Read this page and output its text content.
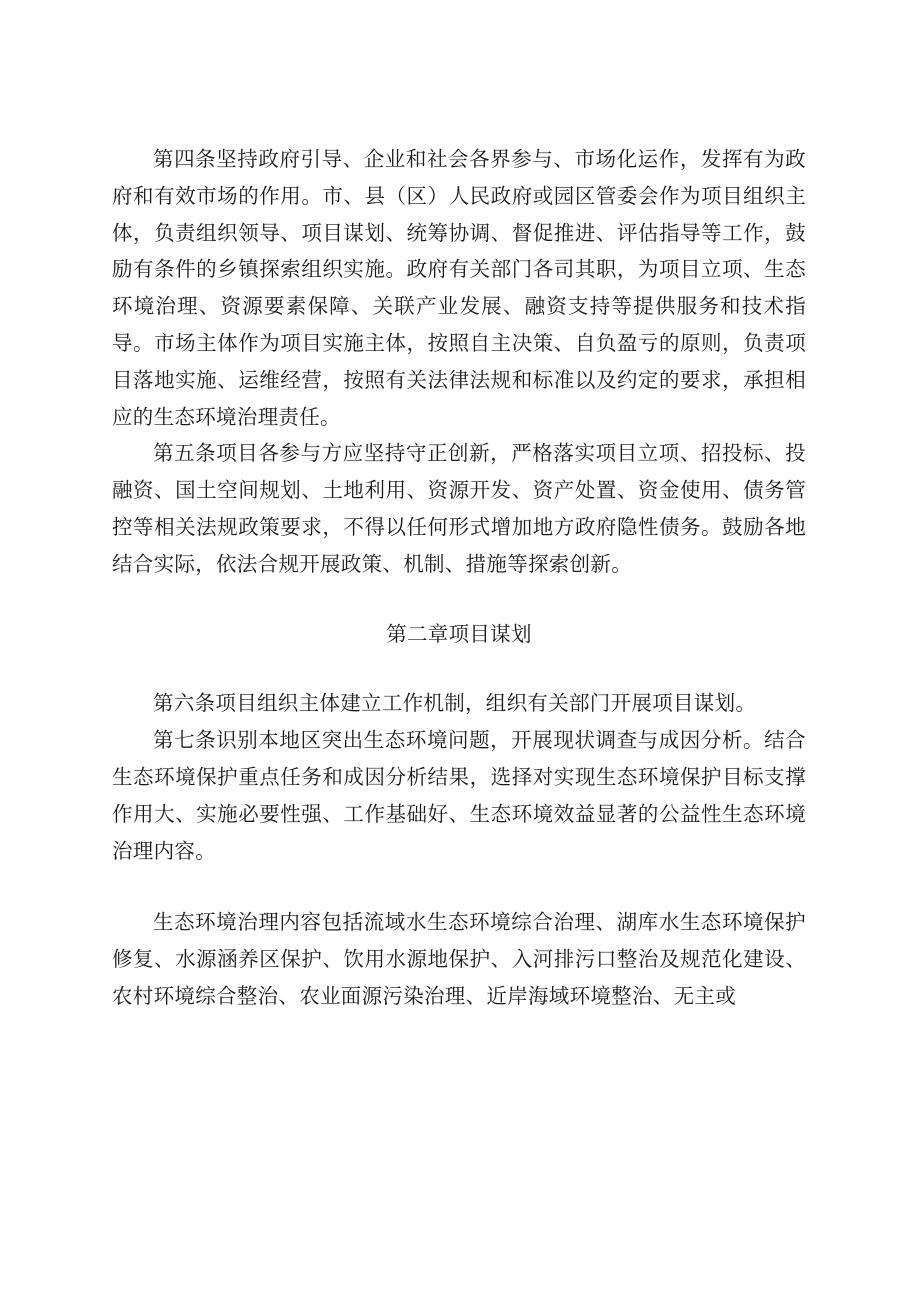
第四条坚持政府引导、企业和社会各界参与、市场化运作，发挥有为政府和有效市场的作用。市、县（区）人民政府或园区管委会作为项目组织主体，负责组织领导、项目谋划、统筹协调、督促推进、评估指导等工作，鼓励有条件的乡镇探索组织实施。政府有关部门各司其职，为项目立项、生态环境治理、资源要素保障、关联产业发展、融资支持等提供服务和技术指导。市场主体作为项目实施主体，按照自主决策、自负盈亏的原则，负责项目落地实施、运维经营，按照有关法律法规和标准以及约定的要求，承担相应的生态环境治理责任。

第五条项目各参与方应坚持守正创新，严格落实项目立项、招投标、投融资、国土空间规划、土地利用、资源开发、资产处置、资金使用、债务管控等相关法规政策要求，不得以任何形式增加地方政府隐性债务。鼓励各地结合实际，依法合规开展政策、机制、措施等探索创新。

第二章项目谋划

第六条项目组织主体建立工作机制，组织有关部门开展项目谋划。

第七条识别本地区突出生态环境问题，开展现状调查与成因分析。结合生态环境保护重点任务和成因分析结果，选择对实现生态环境保护目标支撑作用大、实施必要性强、工作基础好、生态环境效益显著的公益性生态环境治理内容。

生态环境治理内容包括流域水生态环境综合治理、湖库水生态环境保护修复、水源涵养区保护、饮用水源地保护、入河排污口整治及规范化建设、农村环境综合整治、农业面源污染治理、近岸海域环境整治、无主或
